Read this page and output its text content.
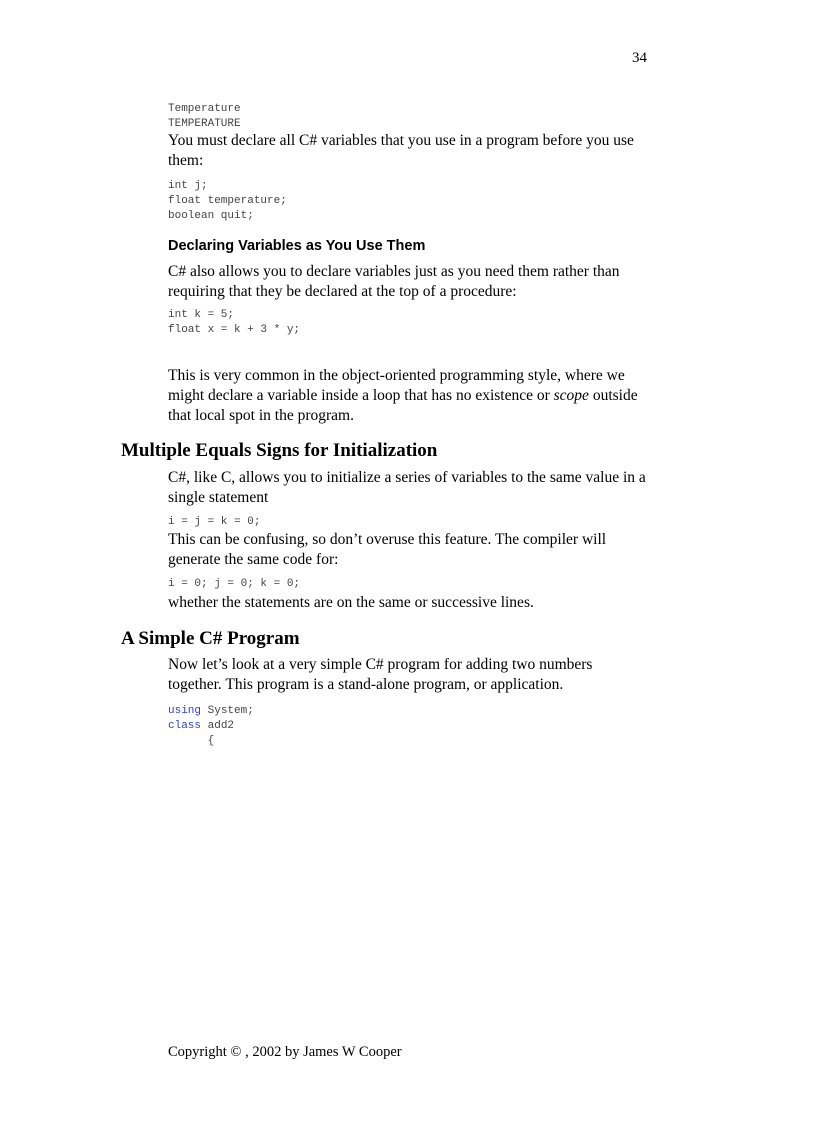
34

Temperature

TEMPERATURE

You must declare all C# variables that you use in a program before you use them:

int j;

float temperature;

boolean quit;

Declaring Variables as You Use Them

C# also allows you to declare variables just as you need them rather than requiring that they be declared at the top of a procedure:

int k = 5;

float x = k + 3 * y;

This is very common in the object-oriented programming style, where we might declare a variable inside a loop that has no existence or scope outside that local spot in the program.

Multiple Equals Signs for Initialization

C#, like C, allows you to initialize a series of variables to the same value in a single statement

i = j = k = 0;

This can be confusing, so don’t overuse this feature. The compiler will generate the same code for:

i = 0; j = 0; k = 0;

whether the statements are on the same or successive lines.

A Simple C# Program

Now let’s look at a very simple C# program for adding two numbers together. This program is a stand-alone program, or application.

using System;

class add2

{

Copyright © , 2002 by James W Cooper
